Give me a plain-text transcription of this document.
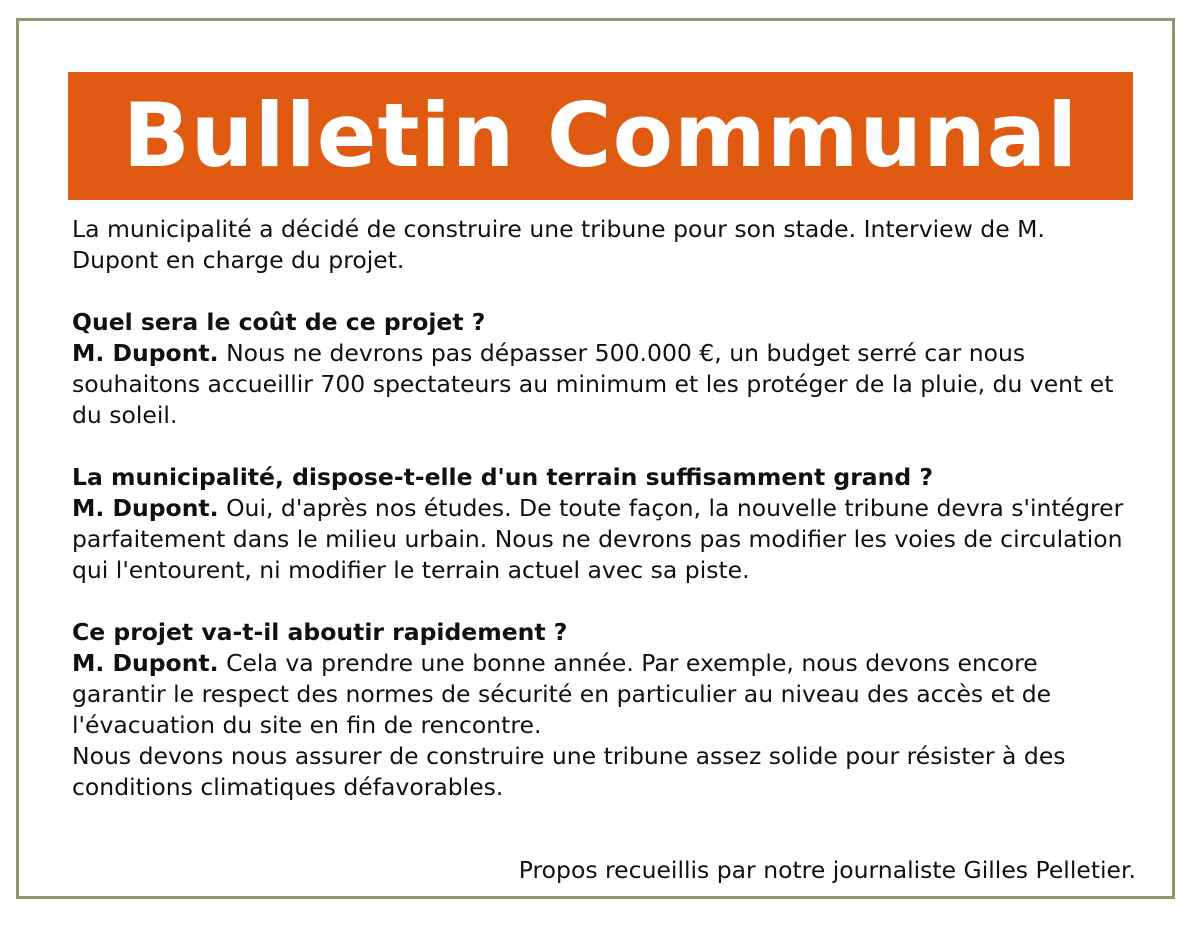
Bulletin Communal

La municipalité a décidé de construire une tribune pour son stade. Interview de M. Dupont en charge du projet.

Quel sera le coût de ce projet ?

M. Dupont. Nous ne devrons pas dépasser 500.000 €, un budget serré car nous souhaitons accueillir 700 spectateurs au minimum et les protéger de la pluie, du vent et du soleil.

La municipalité, dispose-t-elle d'un terrain suffisamment grand ?

M. Dupont. Oui, d'après nos études. De toute façon, la nouvelle tribune devra s'intégrer parfaitement dans le milieu urbain. Nous ne devrons pas modifier les voies de circulation qui l'entourent, ni modifier le terrain actuel avec sa piste.

Ce projet va-t-il aboutir rapidement ?

M. Dupont. Cela va prendre une bonne année. Par exemple, nous devons encore garantir le respect des normes de sécurité en particulier au niveau des accès et de l'évacuation du site en fin de rencontre.

Nous devons nous assurer de construire une tribune assez solide pour résister à des conditions climatiques défavorables.

Propos recueillis par notre journaliste Gilles Pelletier.
